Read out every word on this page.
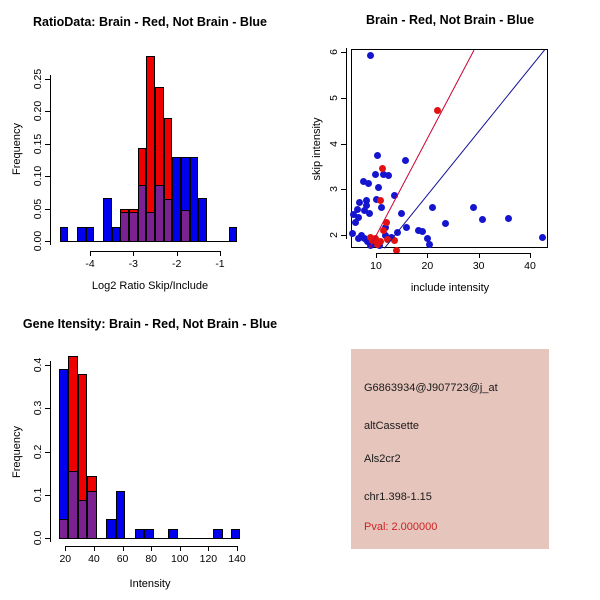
RatioData: Brain - Red, Not Brain - Blue
Log2 Ratio Skip/Include
Frequency
Brain - Red, Not Brain - Blue
include intensity
skip intensity
Gene Itensity: Brain - Red, Not Brain - Blue
Intensity
Frequency
G6863934@J907723@j_at
altCassette
Als2cr2
chr1.398-1.15
Pval: 2.000000
-4	-3	-2	-1
0.00
0.05
0.10
0.15
0.20
0.25
10	20	30	40
2
3
4
5
6
20	40	60	80	100	120	140
0.0
0.1
0.2
0.3
0.4
